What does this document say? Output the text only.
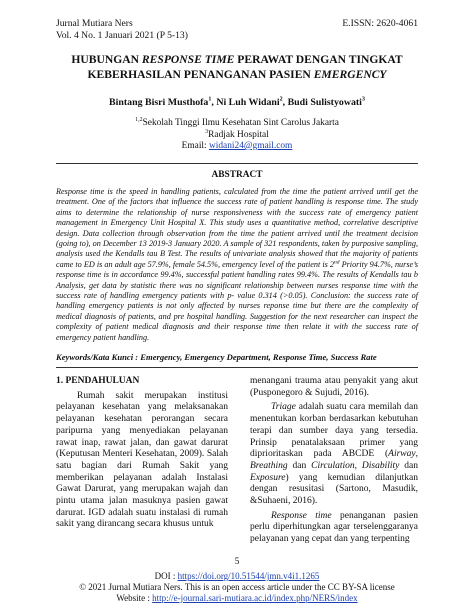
Jurnal Mutiara Ners
Vol. 4 No. 1 Januari 2021 (P 5-13)
E.ISSN: 2620-4061
HUBUNGAN RESPONSE TIME PERAWAT DENGAN TINGKAT
KEBERHASILAN PENANGANAN PASIEN EMERGENCY
Bintang Bisri Musthofa$^1$, Ni Luh Widani$^2$, Budi Sulistyowati$^3$
$^{1,2}$Sekolah Tinggi Ilmu Kesehatan Sint Carolus Jakarta
$^3$Radjak Hospital
Email: widani24@gmail.com
ABSTRACT
Response time is the speed in handling patients, calculated from the time the patient arrived until get the treatment. One of the factors that influence the success rate of patient handling is response time. The study aims to determine the relationship of nurse responsiveness with the success rate of emergency patient management in Emergency Unit Hospital X. This study uses a quantitative method, correlative descriptive design. Data collection through observation from the time the patient arrived until the treatment decision (going to), on December 13 2019-3 January 2020. A sample of 321 respondents, taken by purposive sampling, analysis used the Kendalls tau B Test. The results of univariate analysis showed that the majority of patients came to ED is an adult age 57.9%, female 54.5%, emergency level of the patient is 2nd Priority 94.7%, nurse’s response time is in accordance 99.4%, successful patient handling rates 99.4%. The results of Kendalls tau b Analysis, get data by statistic there was no significant relationship between nurses response time with the success rate of handling emergency patients with p- value 0.314 (>0.05). Conclusion: the success rate of handling emergency patients is not only affected by nurses reponse time but there are the complexity of medical diagnosis of patients, and pre hospital handling. Suggestion for the next researcher can inspect the complexity of patient medical diagnosis and their response time then relate it with the success rate of emergency patient handling.
Keywords/Kata Kunci : Emergency, Emergency Department, Response Time, Success Rate

1. PENDAHULUAN

Rumah sakit merupakan institusi pelayanan kesehatan yang melaksanakan pelayanan kesehatan perorangan secara paripurna yang menyediakan pelayanan rawat inap, rawat jalan, dan gawat darurat (Keputusan Menteri Kesehatan, 2009). Salah satu bagian dari Rumah Sakit yang memberikan pelayanan adalah Instalasi Gawat Darurat, yang merupakan wajah dan pintu utama jalan masuknya pasien gawat darurat. IGD adalah suatu instalasi di rumah sakit yang dirancang secara khusus untuk

menangani trauma atau penyakit yang akut (Pusponegoro & Sujudi, 2016).

Triage adalah suatu cara memilah dan menentukan korban berdasarkan kebutuhan terapi dan sumber daya yang tersedia. Prinsip penatalaksaan primer yang diprioritaskan pada ABCDE (Airway, Breathing dan Circulation, Disability dan Exposure) yang kemudian dilanjutkan dengan resusitasi (Sartono, Masudik, &Suhaeni, 2016).

Response time penanganan pasien perlu diperhitungkan agar terselenggaranya pelayanan yang cepat dan yang terpenting

5
DOI : https://doi.org/10.51544/jmn.v4i1.1265
© 2021 Jurnal Mutiara Ners. This is an open access article under the CC BY-SA license
Website : http://e-journal.sari-mutiara.ac.id/index.php/NERS/index
